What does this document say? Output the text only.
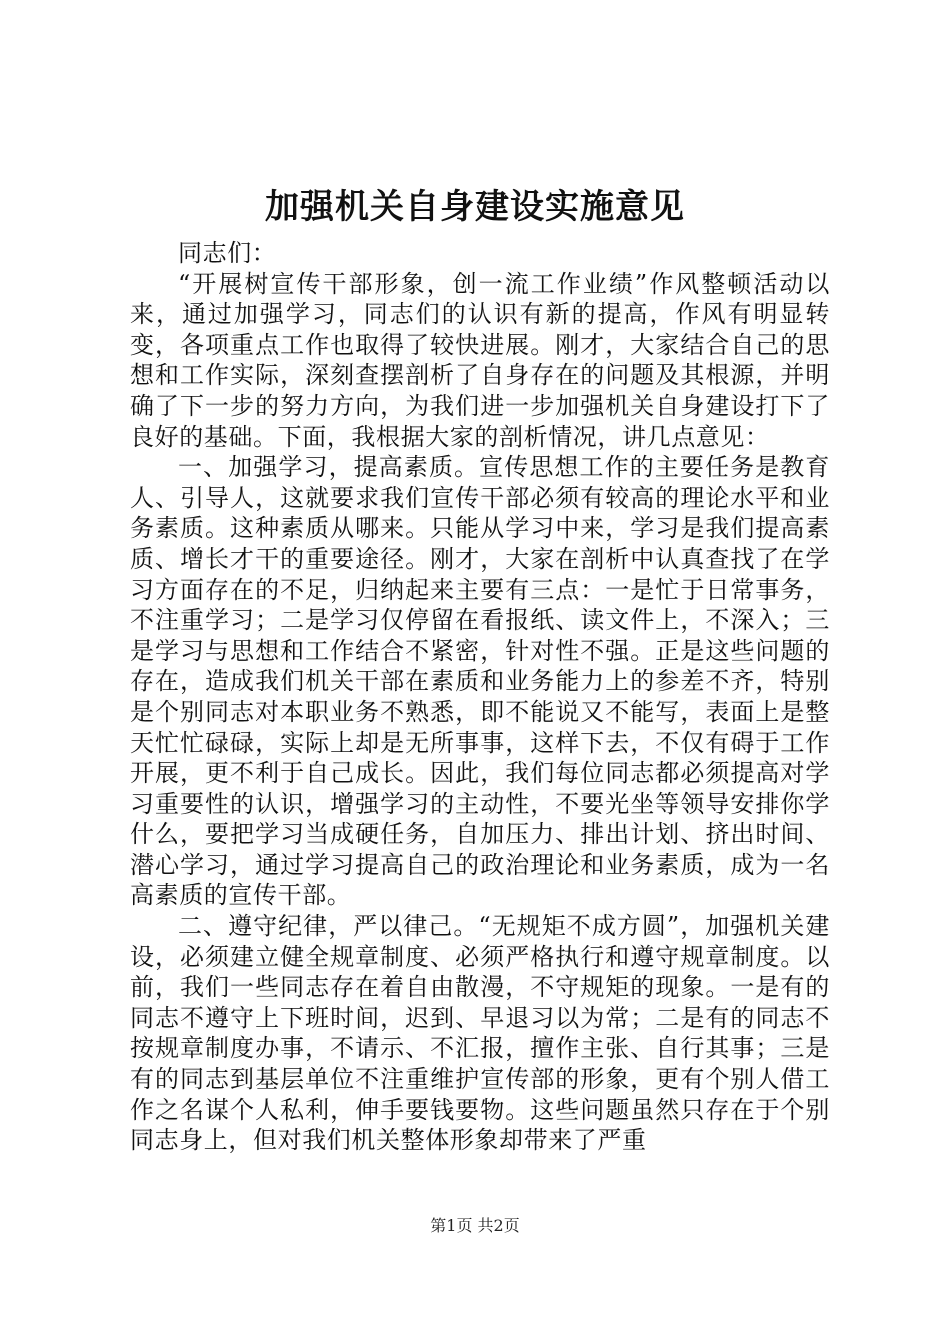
加强机关自身建设实施意见

同志们：

“开展树宣传干部形象，创一流工作业绩”作风整顿活动以来，通过加强学习，同志们的认识有新的提高，作风有明显转变，各项重点工作也取得了较快进展。刚才，大家结合自己的思想和工作实际，深刻查摆剖析了自身存在的问题及其根源，并明确了下一步的努力方向，为我们进一步加强机关自身建设打下了良好的基础。下面，我根据大家的剖析情况，讲几点意见：

一、加强学习，提高素质。宣传思想工作的主要任务是教育人、引导人，这就要求我们宣传干部必须有较高的理论水平和业务素质。这种素质从哪来。只能从学习中来，学习是我们提高素质、增长才干的重要途径。刚才，大家在剖析中认真查找了在学习方面存在的不足，归纳起来主要有三点：一是忙于日常事务，不注重学习；二是学习仅停留在看报纸、读文件上，不深入；三是学习与思想和工作结合不紧密，针对性不强。正是这些问题的存在，造成我们机关干部在素质和业务能力上的参差不齐，特别是个别同志对本职业务不熟悉，即不能说又不能写，表面上是整天忙忙碌碌，实际上却是无所事事，这样下去，不仅有碍于工作开展，更不利于自己成长。因此，我们每位同志都必须提高对学习重要性的认识，增强学习的主动性，不要光坐等领导安排你学什么，要把学习当成硬任务，自加压力、排出计划、挤出时间、潜心学习，通过学习提高自己的政治理论和业务素质，成为一名高素质的宣传干部。

二、遵守纪律，严以律己。“无规矩不成方圆”，加强机关建设，必须建立健全规章制度、必须严格执行和遵守规章制度。以前，我们一些同志存在着自由散漫，不守规矩的现象。一是有的同志不遵守上下班时间，迟到、早退习以为常；二是有的同志不按规章制度办事，不请示、不汇报，擅作主张、自行其事；三是有的同志到基层单位不注重维护宣传部的形象，更有个别人借工作之名谋个人私利，伸手要钱要物。这些问题虽然只存在于个别同志身上，但对我们机关整体形象却带来了严重

第1页 共2页
